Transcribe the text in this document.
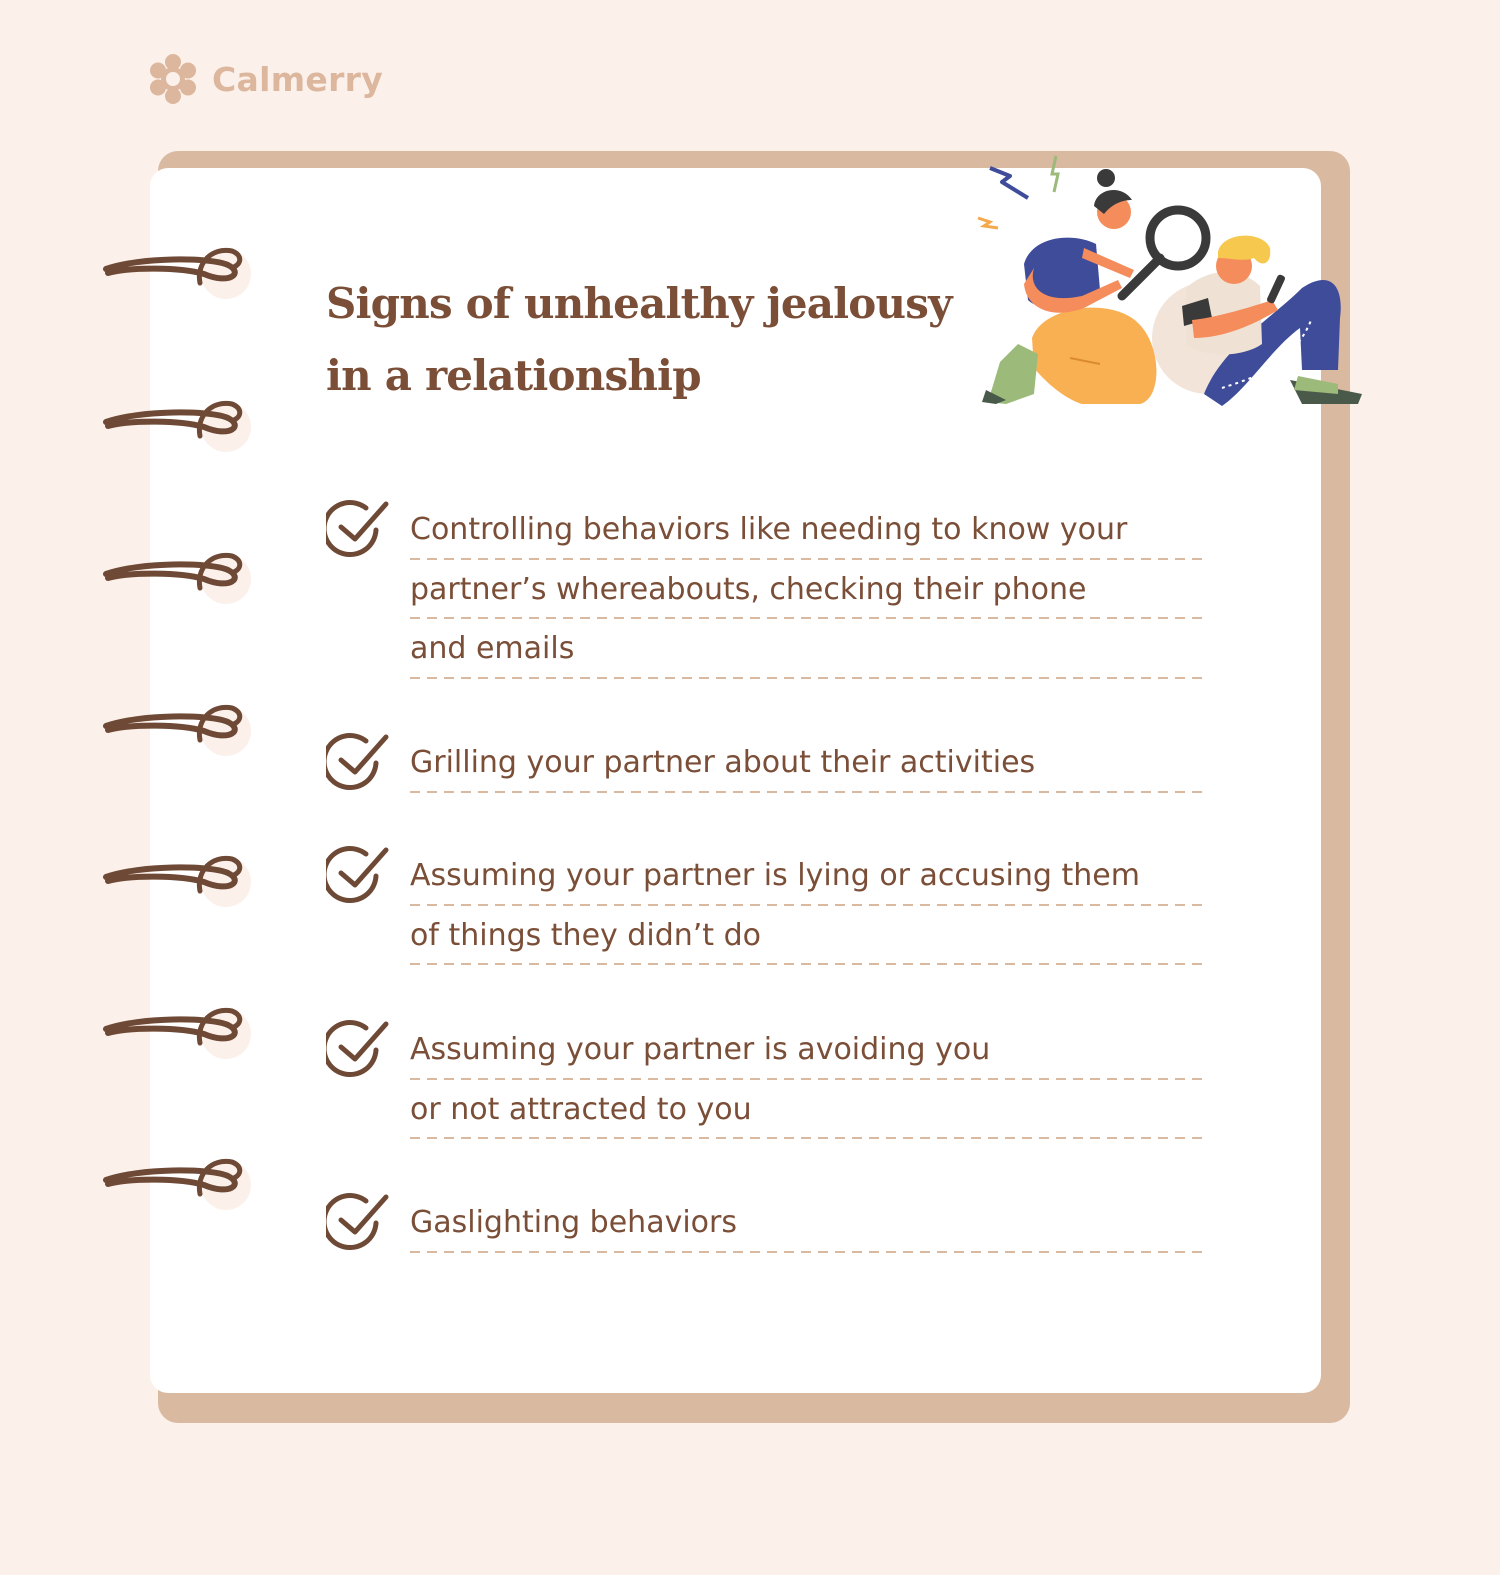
Calmerry
Signs of unhealthy jealousy
in a relationship
Controlling behaviors like needing to know your
partner’s whereabouts, checking their phone
and emails
Grilling your partner about their activities
Assuming your partner is lying or accusing them
of things they didn’t do
Assuming your partner is avoiding you
or not attracted to you
Gaslighting behaviors
